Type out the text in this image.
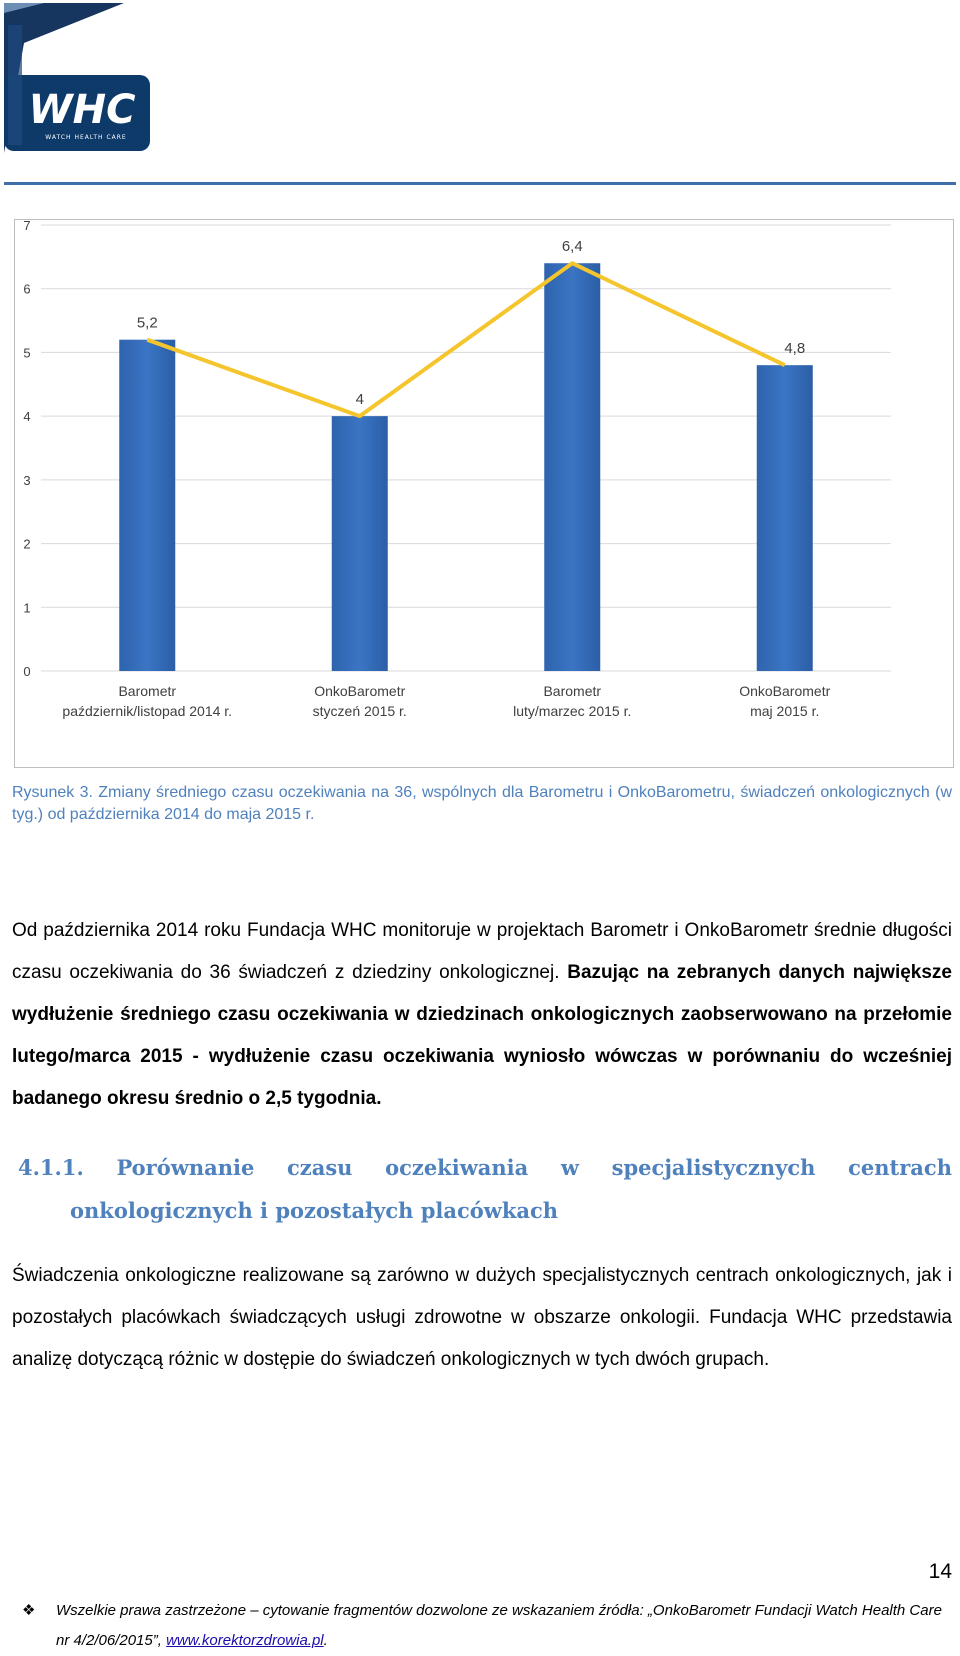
WHC
WATCH HEALTH CARE
0
1
2
3
4
5
6
7
Barometr
październik/listopad 2014 r.
OnkoBarometr
styczeń 2015 r.
Barometr
luty/marzec 2015 r.
OnkoBarometr
maj 2015 r.
5,2
4
6,4
4,8
Rysunek 3. Zmiany średniego czasu oczekiwania na 36, wspólnych dla Barometru i OnkoBarometru, świadczeń onkologicznych (w tyg.) od października 2014 do maja 2015 r.
Od października 2014 roku Fundacja WHC monitoruje w projektach Barometr i OnkoBarometr średnie długości czasu oczekiwania do 36 świadczeń z dziedziny onkologicznej. Bazując na zebranych danych największe wydłużenie średniego czasu oczekiwania w dziedzinach onkologicznych zaobserwowano na przełomie lutego/marca 2015 - wydłużenie czasu oczekiwania wyniosło wówczas w porównaniu do wcześniej badanego okresu średnio o 2,5 tygodnia.
4.1.1. Porównanie czasu oczekiwania w specjalistycznych centrach
onkologicznych i pozostałych placówkach
Świadczenia onkologiczne realizowane są zarówno w dużych specjalistycznych centrach onkologicznych, jak i pozostałych placówkach świadczących usługi zdrowotne w obszarze onkologii. Fundacja WHC przedstawia analizę dotyczącą różnic w dostępie do świadczeń onkologicznych w tych dwóch grupach.
14
❖	Wszelkie prawa zastrzeżone – cytowanie fragmentów dozwolone ze wskazaniem źródła: „OnkoBarometr Fundacji Watch Health Care nr 4/2/06/2015”, www.korektorzdrowia.pl.
